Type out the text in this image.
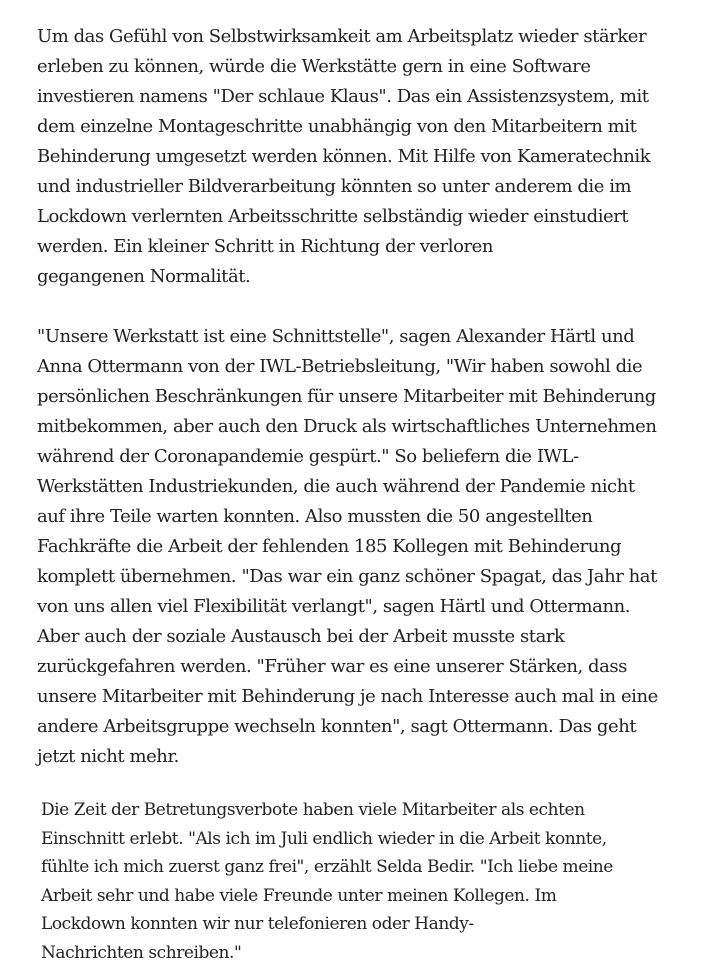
Um das Gefühl von Selbstwirksamkeit am Arbeitsplatz wieder stärker
erleben zu können, würde die Werkstätte gern in eine Software
investieren namens "Der schlaue Klaus". Das ein Assistenzsystem, mit
dem einzelne Montageschritte unabhängig von den Mitarbeitern mit
Behinderung umgesetzt werden können. Mit Hilfe von Kameratechnik
und industrieller Bildverarbeitung könnten so unter anderem die im
Lockdown verlernten Arbeitsschritte selbständig wieder einstudiert
werden. Ein kleiner Schritt in Richtung der verloren
gegangenen Normalität.

"Unsere Werkstatt ist eine Schnittstelle", sagen Alexander Härtl und
Anna Ottermann von der IWL-Betriebsleitung, "Wir haben sowohl die
persönlichen Beschränkungen für unsere Mitarbeiter mit Behinderung
mitbekommen, aber auch den Druck als wirtschaftliches Unternehmen
während der Coronapandemie gespürt." So beliefern die IWL-
Werkstätten Industriekunden, die auch während der Pandemie nicht
auf ihre Teile warten konnten. Also mussten die 50 angestellten
Fachkräfte die Arbeit der fehlenden 185 Kollegen mit Behinderung
komplett übernehmen. "Das war ein ganz schöner Spagat, das Jahr hat
von uns allen viel Flexibilität verlangt", sagen Härtl und Ottermann.
Aber auch der soziale Austausch bei der Arbeit musste stark
zurückgefahren werden. "Früher war es eine unserer Stärken, dass
unsere Mitarbeiter mit Behinderung je nach Interesse auch mal in eine
andere Arbeitsgruppe wechseln konnten", sagt Ottermann. Das geht
jetzt nicht mehr.

Die Zeit der Betretungsverbote haben viele Mitarbeiter als echten
Einschnitt erlebt. "Als ich im Juli endlich wieder in die Arbeit konnte,
fühlte ich mich zuerst ganz frei", erzählt Selda Bedir. "Ich liebe meine
Arbeit sehr und habe viele Freunde unter meinen Kollegen. Im
Lockdown konnten wir nur telefonieren oder Handy-
Nachrichten schreiben."
